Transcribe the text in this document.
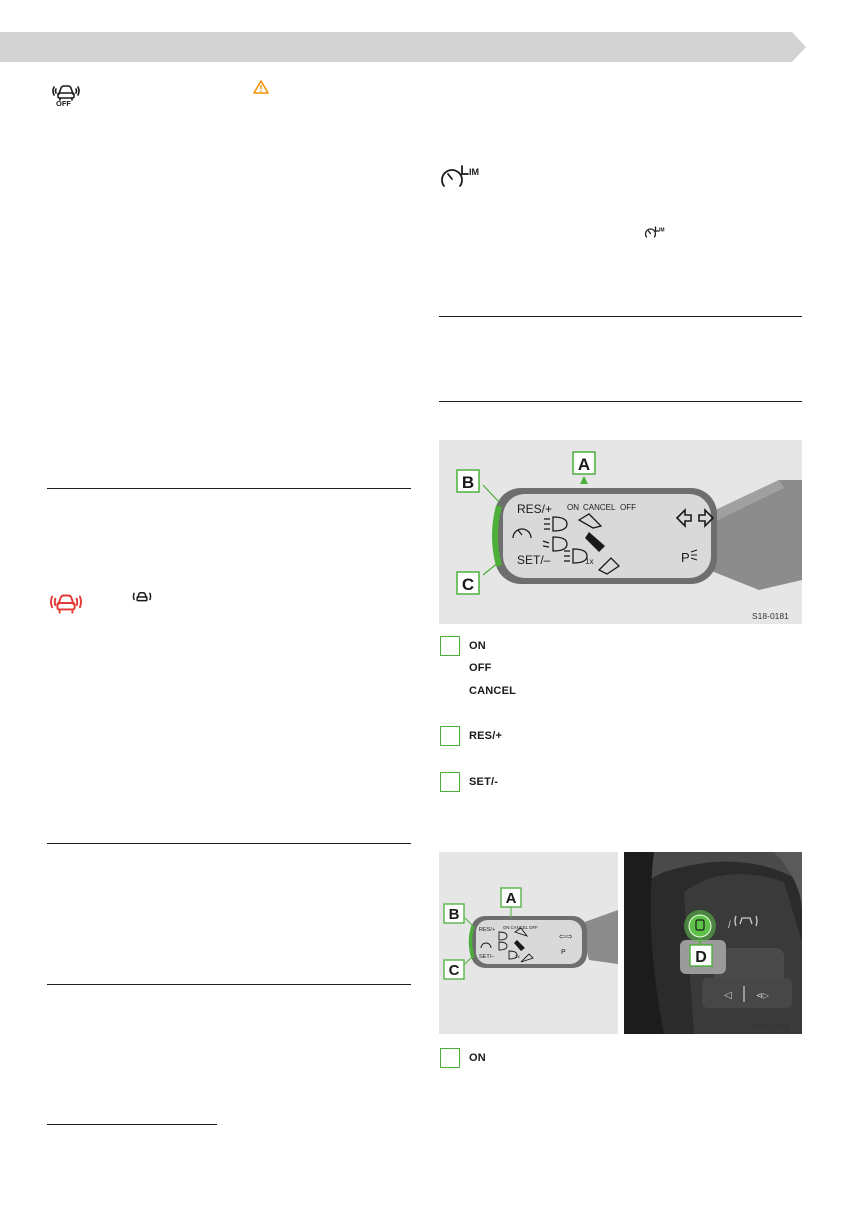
OFF
IM
IM
P
RES/+
SET/–
ON CANCEL OFF
1x
A
B
C
S18-0181
ON
OFF
CANCEL
RES/+
SET/-
RES/+
SET/–
ON CANCEL OFF
1x
⇦⇨
P
A
B
C
◁	⊲▷
/
D
S19-1043
ON
